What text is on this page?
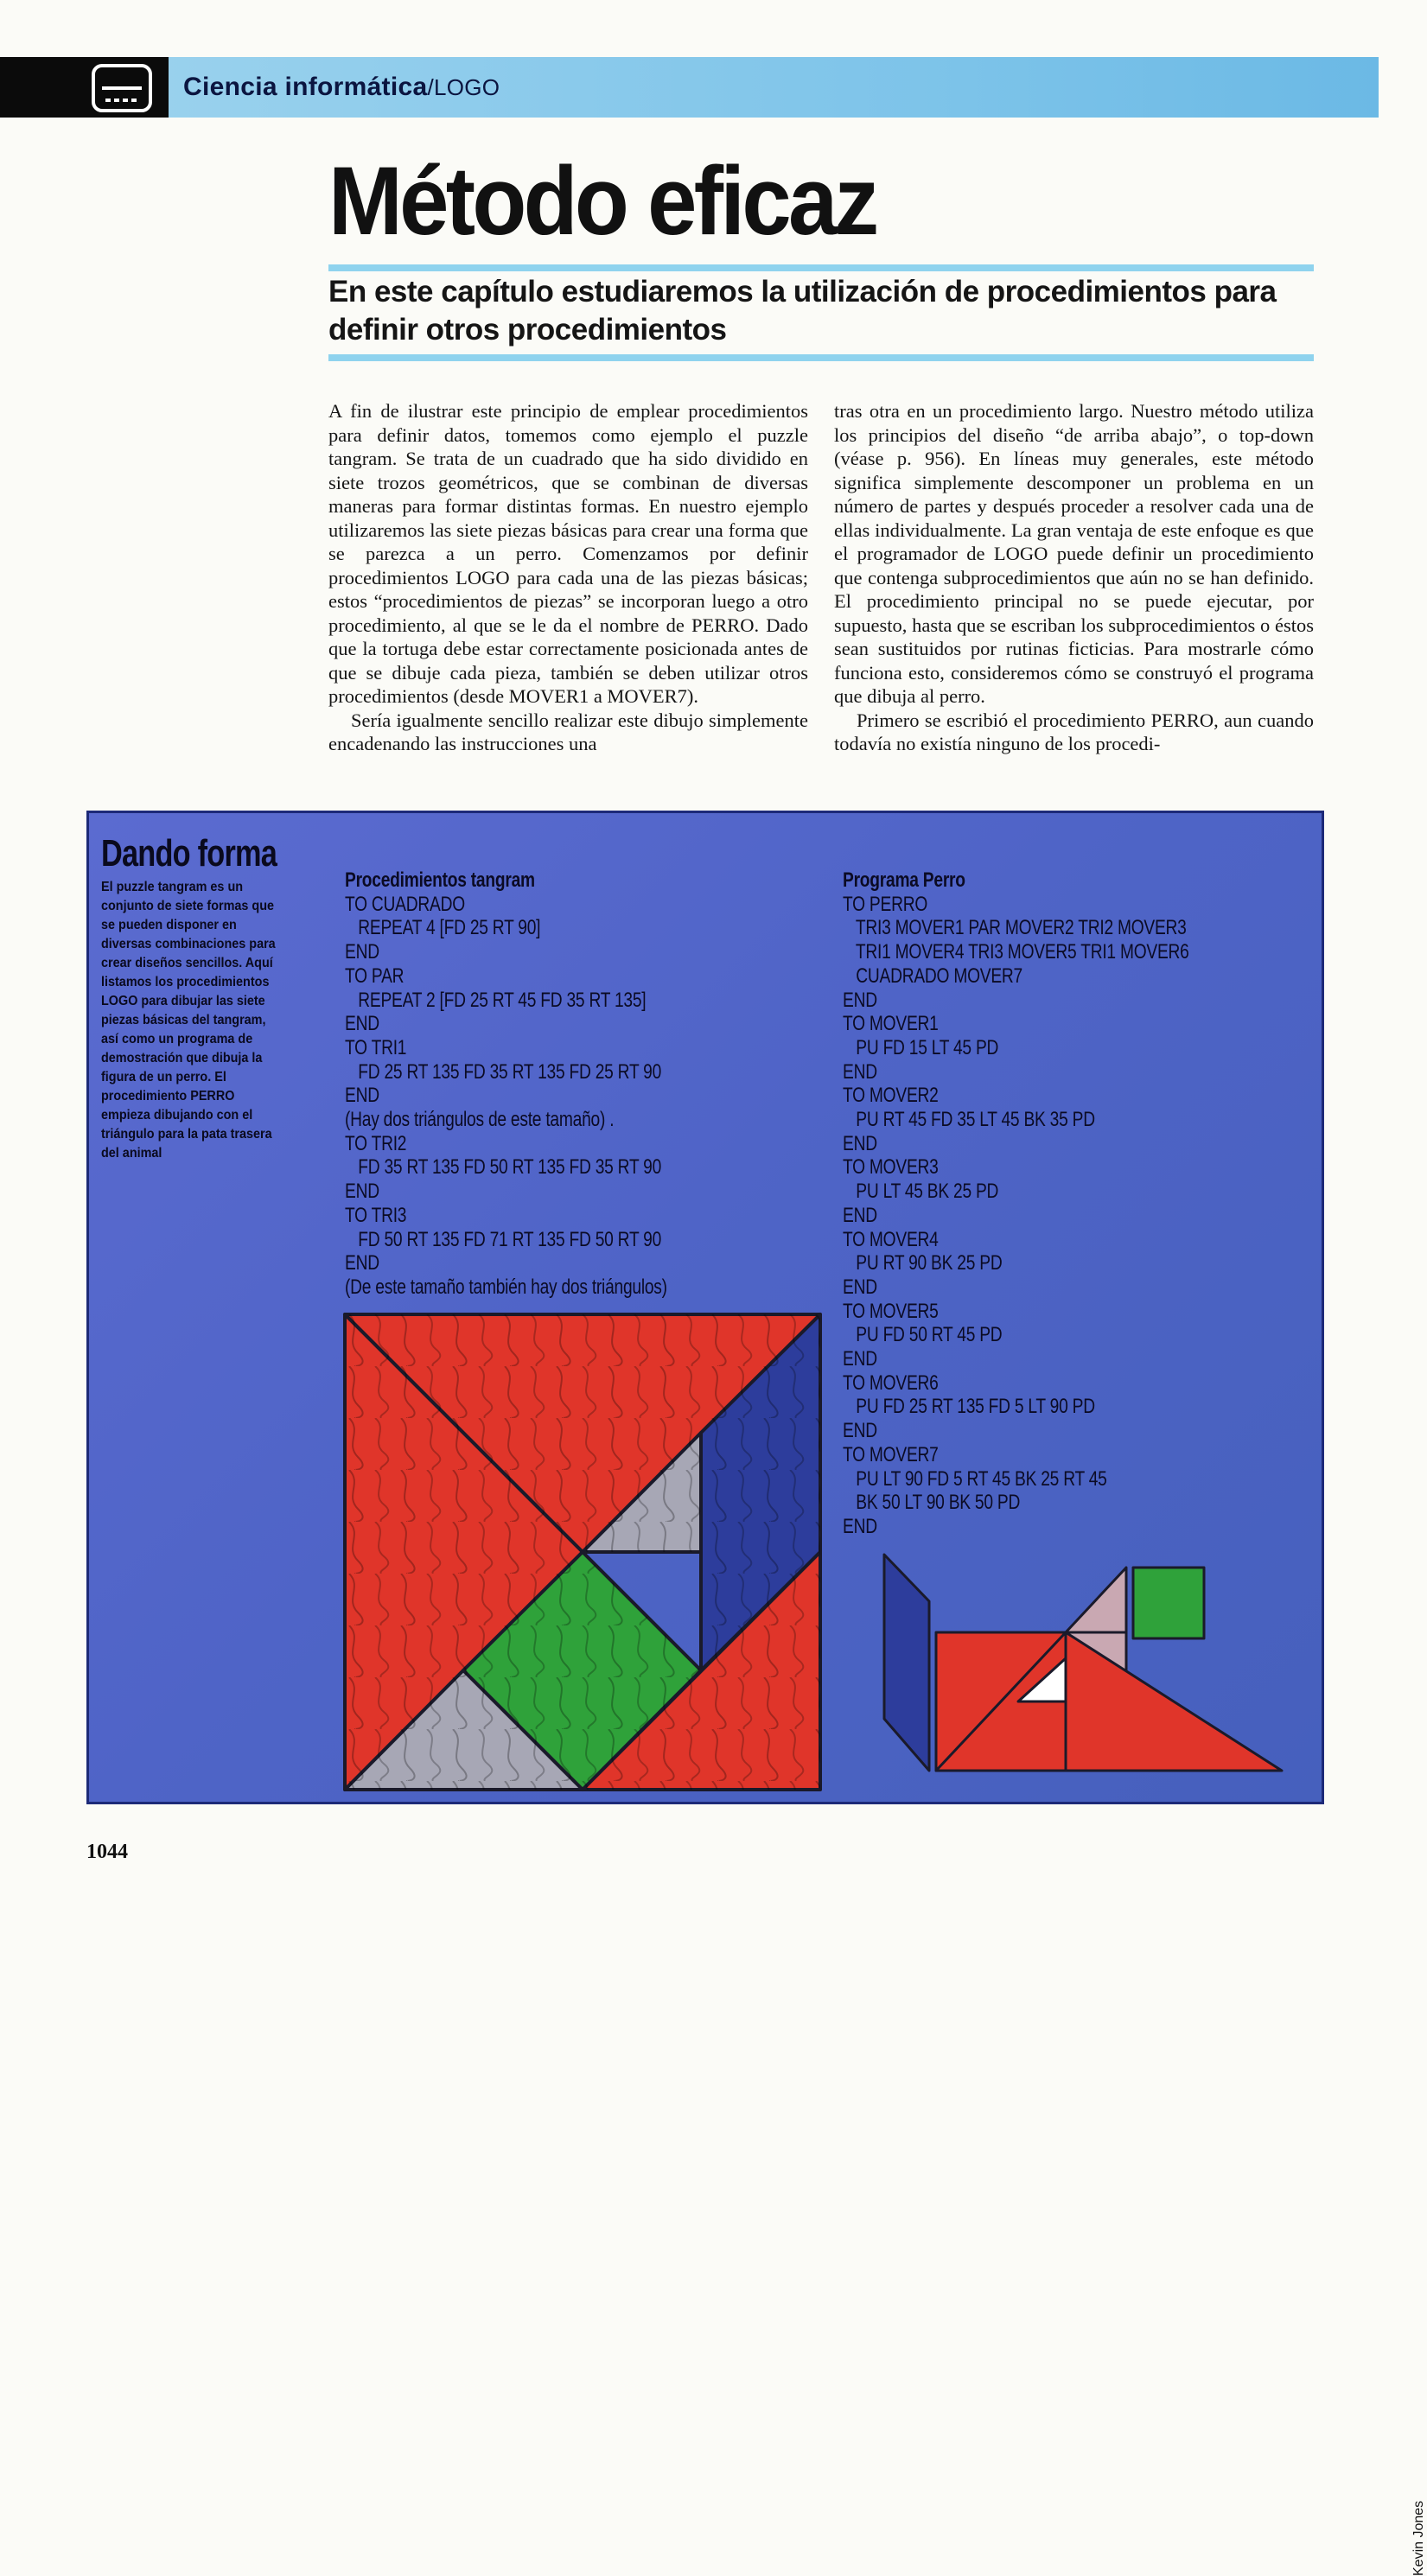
Ciencia informática/LOGO
Método eficaz
En este capítulo estudiaremos la utilización de procedimientos para definir otros procedimientos

A fin de ilustrar este principio de emplear procedimientos para definir datos, tomemos como ejemplo el puzzle tangram. Se trata de un cuadrado que ha sido dividido en siete trozos geométricos, que se combinan de diversas maneras para formar distintas formas. En nuestro ejemplo utilizaremos las siete piezas básicas para crear una forma que se parezca a un perro. Comenzamos por definir procedimientos LOGO para cada una de las piezas básicas; estos “procedimientos de piezas” se incorporan luego a otro procedimiento, al que se le da el nombre de PERRO. Dado que la tortuga debe estar correctamente posicionada antes de que se dibuje cada pieza, también se deben utilizar otros procedimientos (desde MOVER1 a MOVER7).

Sería igualmente sencillo realizar este dibujo simplemente encadenando las instrucciones una

tras otra en un procedimiento largo. Nuestro método utiliza los principios del diseño “de arriba abajo”, o top-down (véase p. 956). En líneas muy generales, este método significa simplemente descomponer un problema en un número de partes y después proceder a resolver cada una de ellas individualmente. La gran ventaja de este enfoque es que el programador de LOGO puede definir un procedimiento que contenga subprocedimientos que aún no se han definido. El procedimiento principal no se puede ejecutar, por supuesto, hasta que se escriban los subprocedimientos o éstos sean sustituidos por rutinas ficticias. Para mostrarle cómo funciona esto, consideremos cómo se construyó el programa que dibuja al perro.

Primero se escribió el procedimiento PERRO, aun cuando todavía no existía ninguno de los procedi-

Dando forma
El puzzle tangram es un conjunto de siete formas que se pueden disponer en diversas combinaciones para crear diseños sencillos. Aquí listamos los procedimientos LOGO para dibujar las siete piezas básicas del tangram, así como un programa de demostración que dibuja la figura de un perro. El procedimiento PERRO empieza dibujando con el triángulo para la pata trasera del animal
Procedimientos tangram
TO CUADRADO
REPEAT 4 [FD 25 RT 90]
END
TO PAR
REPEAT 2 [FD 25 RT 45 FD 35 RT 135]
END
TO TRI1
FD 25 RT 135 FD 35 RT 135 FD 25 RT 90
END
(Hay dos triángulos de este tamaño) .
TO TRI2
FD 35 RT 135 FD 50 RT 135 FD 35 RT 90
END
TO TRI3
FD 50 RT 135 FD 71 RT 135 FD 50 RT 90
END
(De este tamaño también hay dos triángulos)
Programa Perro
TO PERRO
TRI3 MOVER1 PAR MOVER2 TRI2 MOVER3
TRI1 MOVER4 TRI3 MOVER5 TRI1 MOVER6
CUADRADO MOVER7
END
TO MOVER1
PU FD 15 LT 45 PD
END
TO MOVER2
PU RT 45 FD 35 LT 45 BK 35 PD
END
TO MOVER3
PU LT 45 BK 25 PD
END
TO MOVER4
PU RT 90 BK 25 PD
END
TO MOVER5
PU FD 50 RT 45 PD
END
TO MOVER6
PU FD 25 RT 135 FD 5 LT 90 PD
END
TO MOVER7
PU LT 90 FD 5 RT 45 BK 25 RT 45
BK 50 LT 90 BK 50 PD
END
Kevin Jones
1044
